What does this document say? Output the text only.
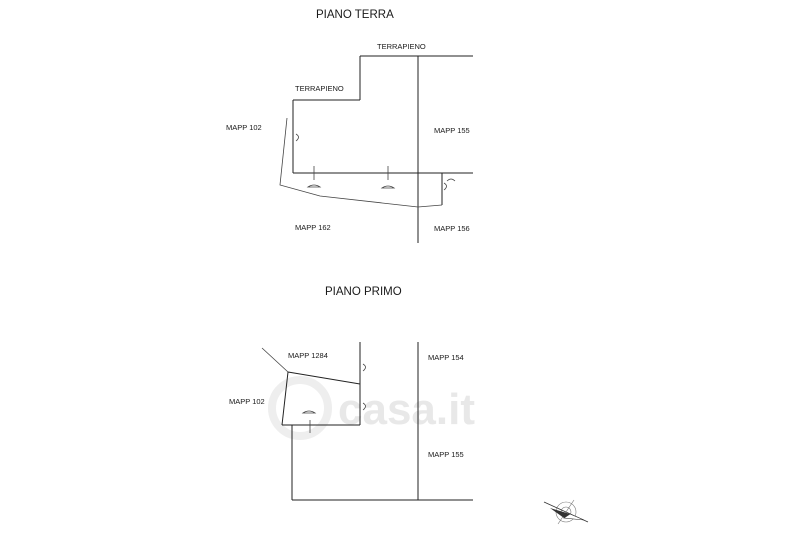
casa.it
PIANO TERRA
TERRAPIENO
TERRAPIENO
MAPP 102	MAPP 155
MAPP 162	MAPP 156
PIANO PRIMO
MAPP 1284	MAPP 154
MAPP 102
MAPP 155
